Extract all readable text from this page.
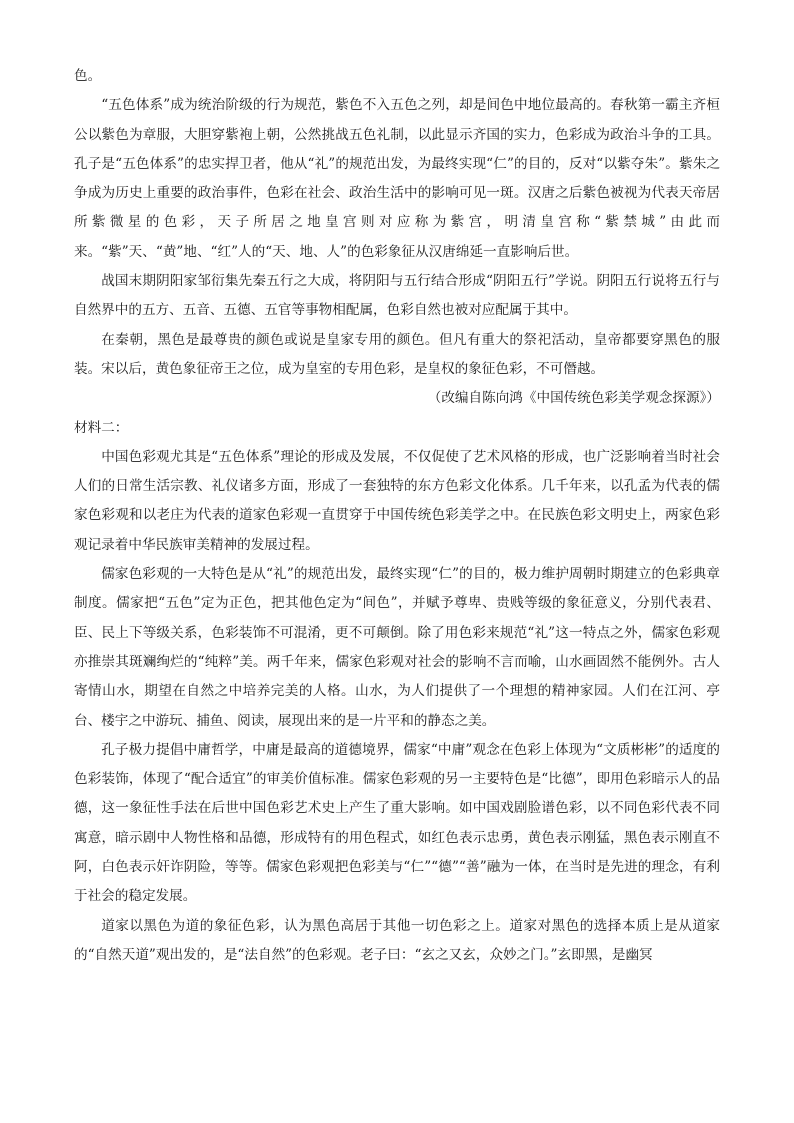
色。

“五色体系”成为统治阶级的行为规范，紫色不入五色之列，却是间色中地位最高的。春秋第一霸主齐桓公以紫色为章服，大胆穿紫袍上朝，公然挑战五色礼制，以此显示齐国的实力，色彩成为政治斗争的工具。孔子是“五色体系”的忠实捍卫者，他从“礼”的规范出发，为最终实现“仁”的目的，反对“以紫夺朱”。紫朱之争成为历史上重要的政治事件，色彩在社会、政治生活中的影响可见一斑。汉唐之后紫色被视为代表天帝居所紫微星的色彩，天子所居之地皇宫则对应称为紫宫，明清皇宫称“紫禁城”由此而来。“紫”天、“黄”地、“红”人的“天、地、人”的色彩象征从汉唐绵延一直影响后世。

战国末期阴阳家邹衍集先秦五行之大成，将阴阳与五行结合形成“阴阳五行”学说。阴阳五行说将五行与自然界中的五方、五音、五德、五官等事物相配属，色彩自然也被对应配属于其中。

在秦朝，黑色是最尊贵的颜色或说是皇家专用的颜色。但凡有重大的祭祀活动，皇帝都要穿黑色的服装。宋以后，黄色象征帝王之位，成为皇室的专用色彩，是皇权的象征色彩，不可僭越。

（改编自陈向鸿《中国传统色彩美学观念探源》）

材料二：

中国色彩观尤其是“五色体系”理论的形成及发展，不仅促使了艺术风格的形成，也广泛影响着当时社会人们的日常生活宗教、礼仪诸多方面，形成了一套独特的东方色彩文化体系。几千年来，以孔孟为代表的儒家色彩观和以老庄为代表的道家色彩观一直贯穿于中国传统色彩美学之中。在民族色彩文明史上，两家色彩观记录着中华民族审美精神的发展过程。

儒家色彩观的一大特色是从“礼”的规范出发，最终实现“仁”的目的，极力维护周朝时期建立的色彩典章制度。儒家把“五色”定为正色，把其他色定为“间色”，并赋予尊卑、贵贱等级的象征意义，分别代表君、臣、民上下等级关系，色彩装饰不可混淆，更不可颠倒。除了用色彩来规范“礼”这一特点之外，儒家色彩观亦推崇其斑斓绚烂的“纯粹”美。两千年来，儒家色彩观对社会的影响不言而喻，山水画固然不能例外。古人寄情山水，期望在自然之中培养完美的人格。山水，为人们提供了一个理想的精神家园。人们在江河、亭台、楼宇之中游玩、捕鱼、阅读，展现出来的是一片平和的静态之美。

孔子极力提倡中庸哲学，中庸是最高的道德境界，儒家“中庸”观念在色彩上体现为“文质彬彬”的适度的色彩装饰，体现了“配合适宜”的审美价值标准。儒家色彩观的另一主要特色是“比德”，即用色彩暗示人的品德，这一象征性手法在后世中国色彩艺术史上产生了重大影响。如中国戏剧脸谱色彩，以不同色彩代表不同寓意，暗示剧中人物性格和品德，形成特有的用色程式，如红色表示忠勇，黄色表示刚猛，黑色表示刚直不阿，白色表示奸诈阴险，等等。儒家色彩观把色彩美与“仁”“德”“善”融为一体，在当时是先进的理念，有利于社会的稳定发展。

道家以黑色为道的象征色彩，认为黑色高居于其他一切色彩之上。道家对黑色的选择本质上是从道家的“自然天道”观出发的，是“法自然”的色彩观。老子曰：“玄之又玄，众妙之门。”玄即黑，是幽冥
